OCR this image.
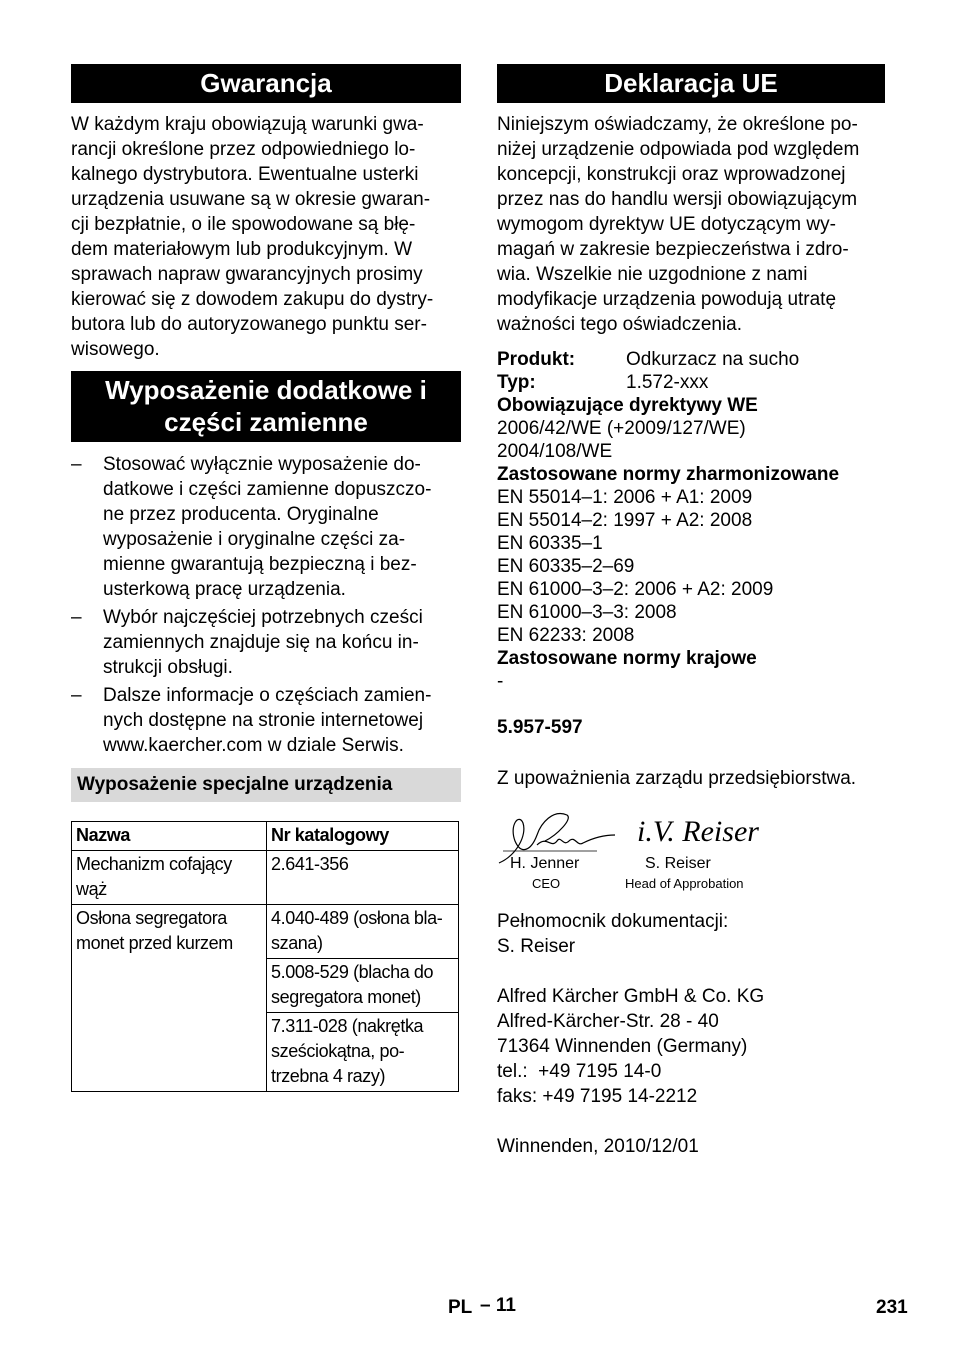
Gwarancja
W każdym kraju obowiązują warunki gwa-
rancji określone przez odpowiedniego lo-
kalnego dystrybutora. Ewentualne usterki
urządzenia usuwane są w okresie gwaran-
cji bezpłatnie, o ile spowodowane są błę-
dem materiałowym lub produkcyjnym. W
sprawach napraw gwarancyjnych prosimy
kierować się z dowodem zakupu do dystry-
butora lub do autoryzowanego punktu ser-
wisowego.
Wyposażenie dodatkowe i
części zamienne
– Stosować wyłącznie wyposażenie do-
datkowe i części zamienne dopuszczo-
ne przez producenta. Oryginalne
wyposażenie i oryginalne części za-
mienne gwarantują bezpieczną i bez-
usterkową pracę urządzenia.
– Wybór najczęściej potrzebnych cześci
zamiennych znajduje się na końcu in-
strukcji obsługi.
– Dalsze informacje o częściach zamien-
nych dostępne na stronie internetowej
www.kaercher.com w dziale Serwis.
Wyposażenie specjalne urządzenia
Nazwa	Nr katalogowy

Mechanizm cofający
wąż	2.641-356

Osłona segregatora
monet przed kurzem	4.040-489 (osłona bla-
szana)

	5.008-529 (blacha do
segregatora monet)

	7.311-028 (nakrętka
sześciokątna, po-
trzebna 4 razy)
Deklaracja UE
Niniejszym oświadczamy, że określone po-
niżej urządzenie odpowiada pod względem
koncepcji, konstrukcji oraz wprowadzonej
przez nas do handlu wersji obowiązującym
wymogom dyrektyw UE dotyczącym wy-
magań w zakresie bezpieczeństwa i zdro-
wia. Wszelkie nie uzgodnione z nami
modyfikacje urządzenia powodują utratę
ważności tego oświadczenia.
Produkt:	Odkurzacz na sucho
Typ:	1.572-xxx
Obowiązujące dyrektywy WE
2006/42/WE (+2009/127/WE)
2004/108/WE
Zastosowane normy zharmonizowane
EN 55014–1: 2006 + A1: 2009
EN 55014–2: 1997 + A2: 2008
EN 60335–1
EN 60335–2–69
EN 61000–3–2: 2006 + A2: 2009
EN 61000–3–3: 2008
EN 62233: 2008
Zastosowane normy krajowe
-
5.957-597
Z upoważnienia zarządu przedsiębiorstwa.
i.V. Reiser
H. Jenner
CEO
S. Reiser
Head of Approbation
Pełnomocnik dokumentacji:
S. Reiser
Alfred Kärcher GmbH & Co. KG
Alfred-Kärcher-Str. 28 - 40
71364 Winnenden (Germany)
tel.:  +49 7195 14-0
faks: +49 7195 14-2212
Winnenden, 2010/12/01
PL – 11	231
